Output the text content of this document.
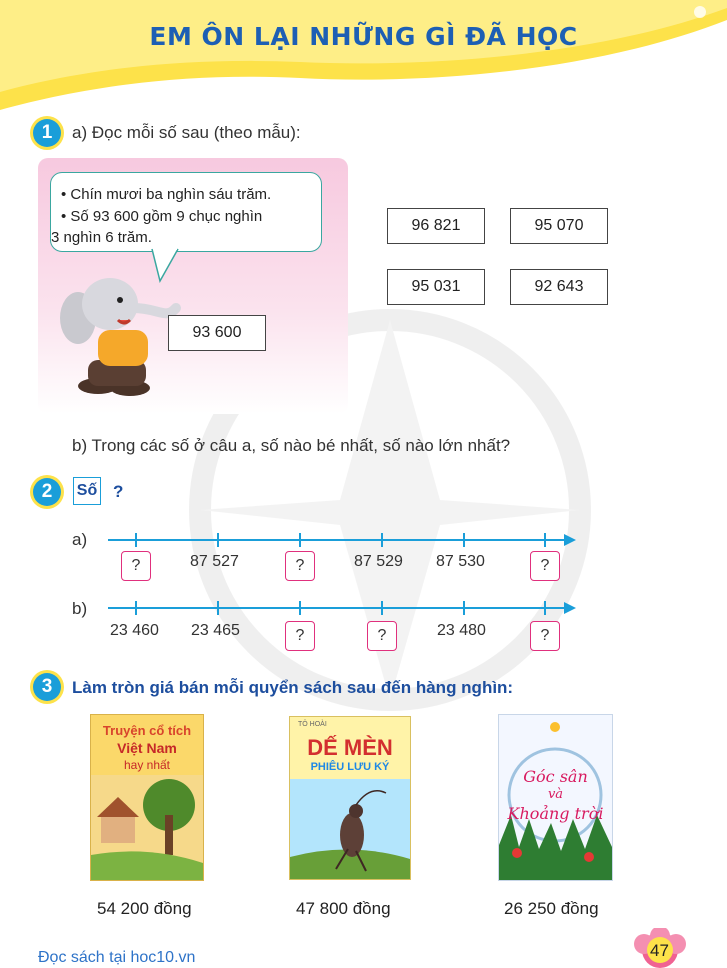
EM ÔN LẠI NHỮNG GÌ ĐÃ HỌC
1	a) Đọc mỗi số sau (theo mẫu):
• Chín mươi ba nghìn sáu trăm.
• Số 93 600 gồm 9 chục nghìn
3 nghìn 6 trăm.
93 600
96 821	95 070
95 031	92 643
b) Trong các số ở câu a, số nào bé nhất, số nào lớn nhất?
2	Số ?
a)
?	87 527	?	87 529 87 530	?
b)
23 460 23 465	?	?	23 480	?
3	Làm tròn giá bán mỗi quyển sách sau đến hàng nghìn:
Truyện cổ tích
Việt Nam
hay nhất
54 200 đồng
TÔ HOÀI
DẾ MÈN
PHIÊU LƯU KÝ
47 800 đồng
Góc sân
và
Khoảng trời
26 250 đồng
Đọc sách tại hoc10.vn	47
